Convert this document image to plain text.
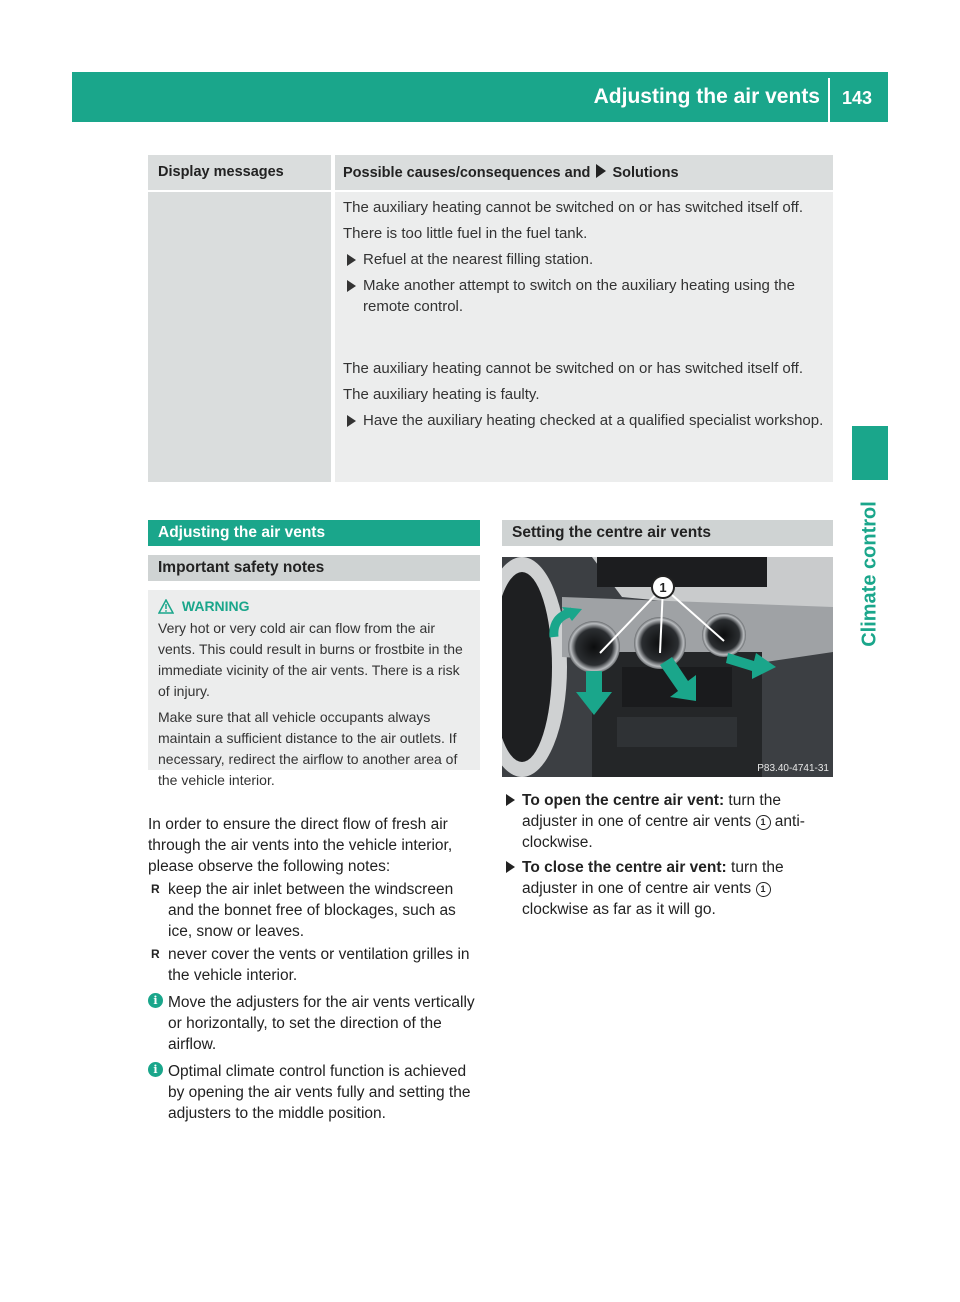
Adjusting the air vents	143
Climate control
Display messages	Possible causes/consequences and Solutions
The auxiliary heating cannot be switched on or has switched itself off.
There is too little fuel in the fuel tank.
Refuel at the nearest filling station.
Make another attempt to switch on the auxiliary heating using the remote control.
The auxiliary heating cannot be switched on or has switched itself off.
The auxiliary heating is faulty.
Have the auxiliary heating checked at a qualified specialist workshop.
Adjusting the air vents
Important safety notes
WARNING

Very hot or very cold air can flow from the air vents. This could result in burns or frostbite in the immediate vicinity of the air vents. There is a risk of injury.

Make sure that all vehicle occupants always maintain a sufficient distance to the air outlets. If necessary, redirect the airflow to another area of the vehicle interior.

In order to ensure the direct flow of fresh air through the air vents into the vehicle interior, please observe the following notes:

R keep the air inlet between the windscreen and the bonnet free of blockages, such as ice, snow or leaves.

R never cover the vents or ventilation grilles in the vehicle interior.

i Move the adjusters for the air vents vertically or horizontally, to set the direction of the airflow.
i Optimal climate control function is achieved by opening the air vents fully and setting the adjusters to the middle position.
Setting the centre air vents
1
P83.40-4741-31
To open the centre air vent: turn the adjuster in one of centre air vents 1 anti-clockwise.
To close the centre air vent: turn the adjuster in one of centre air vents 1 clockwise as far as it will go.
